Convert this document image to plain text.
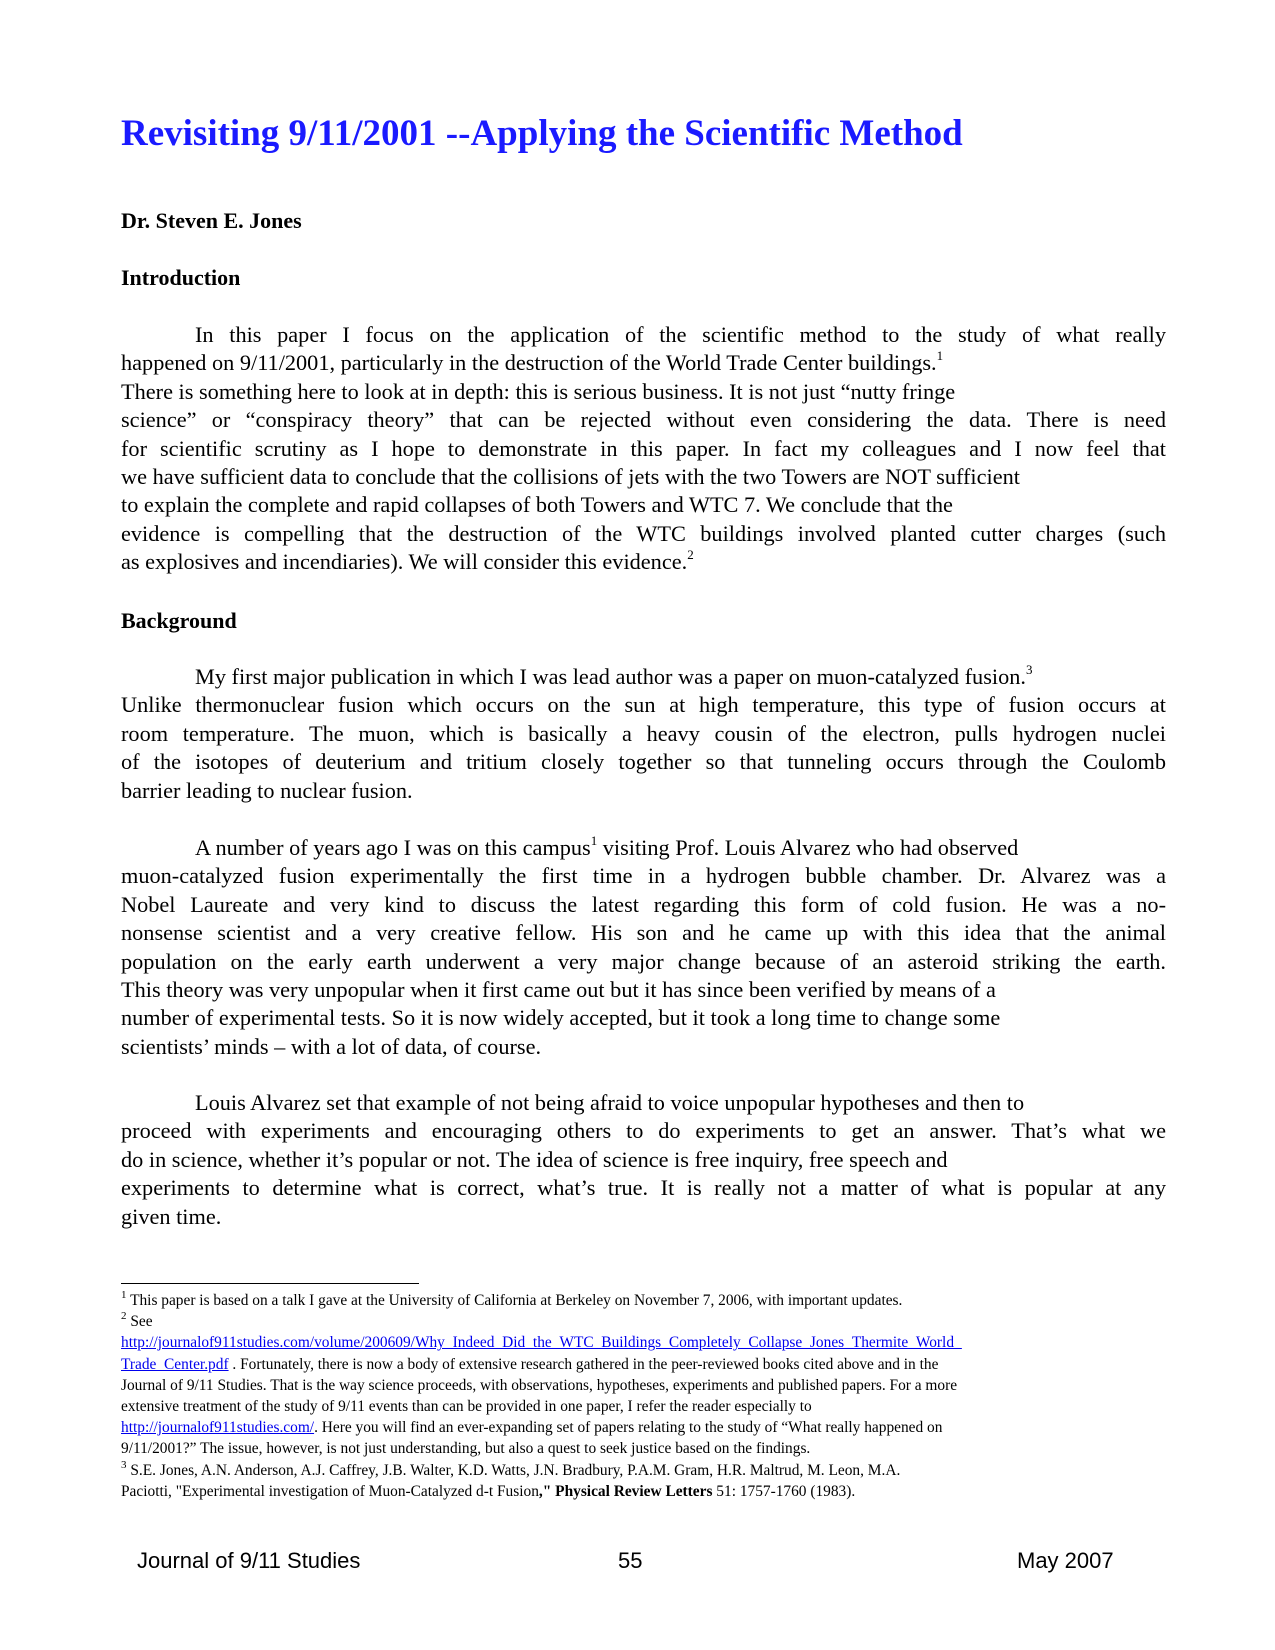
Revisiting 9/11/2001 --Applying the Scientific Method

Dr. Steven E. Jones

Introduction
In this paper I focus on the application of the scientific method to the study of what really
happened on 9/11/2001, particularly in the destruction of the World Trade Center buildings.$^1$
There is something here to look at in depth: this is serious business. It is not just “nutty fringe
science” or “conspiracy theory” that can be rejected without even considering the data. There is need
for scientific scrutiny as I hope to demonstrate in this paper. In fact my colleagues and I now feel that
we have sufficient data to conclude that the collisions of jets with the two Towers are NOT sufficient
to explain the complete and rapid collapses of both Towers and WTC 7. We conclude that the
evidence is compelling that the destruction of the WTC buildings involved planted cutter charges (such
as explosives and incendiaries). We will consider this evidence.$^2$
Background
My first major publication in which I was lead author was a paper on muon-catalyzed fusion.$^3$
Unlike thermonuclear fusion which occurs on the sun at high temperature, this type of fusion occurs at
room temperature. The muon, which is basically a heavy cousin of the electron, pulls hydrogen nuclei
of the isotopes of deuterium and tritium closely together so that tunneling occurs through the Coulomb
barrier leading to nuclear fusion.
A number of years ago I was on this campus$^1$ visiting Prof. Louis Alvarez who had observed
muon-catalyzed fusion experimentally the first time in a hydrogen bubble chamber. Dr. Alvarez was a
Nobel Laureate and very kind to discuss the latest regarding this form of cold fusion. He was a no-
nonsense scientist and a very creative fellow. His son and he came up with this idea that the animal
population on the early earth underwent a very major change because of an asteroid striking the earth.
This theory was very unpopular when it first came out but it has since been verified by means of a
number of experimental tests. So it is now widely accepted, but it took a long time to change some
scientists’ minds – with a lot of data, of course.
Louis Alvarez set that example of not being afraid to voice unpopular hypotheses and then to
proceed with experiments and encouraging others to do experiments to get an answer. That’s what we
do in science, whether it’s popular or not. The idea of science is free inquiry, free speech and
experiments to determine what is correct, what’s true. It is really not a matter of what is popular at any
given time.
$^1$ This paper is based on a talk I gave at the University of California at Berkeley on November 7, 2006, with important updates.
$^2$ See
http://journalof911studies.com/volume/200609/Why_Indeed_Did_the_WTC_Buildings_Completely_Collapse_Jones_Thermite_World_
Trade_Center.pdf . Fortunately, there is now a body of extensive research gathered in the peer-reviewed books cited above and in the
Journal of 9/11 Studies. That is the way science proceeds, with observations, hypotheses, experiments and published papers. For a more
extensive treatment of the study of 9/11 events than can be provided in one paper, I refer the reader especially to
http://journalof911studies.com/. Here you will find an ever-expanding set of papers relating to the study of “What really happened on
9/11/2001?” The issue, however, is not just understanding, but also a quest to seek justice based on the findings.
$^3$ S.E. Jones, A.N. Anderson, A.J. Caffrey, J.B. Walter, K.D. Watts, J.N. Bradbury, P.A.M. Gram, H.R. Maltrud, M. Leon, M.A.
Paciotti, "Experimental investigation of Muon-Catalyzed d-t Fusion," Physical Review Letters 51: 1757-1760 (1983).

Journal of 9/11 Studies	55	May 2007
